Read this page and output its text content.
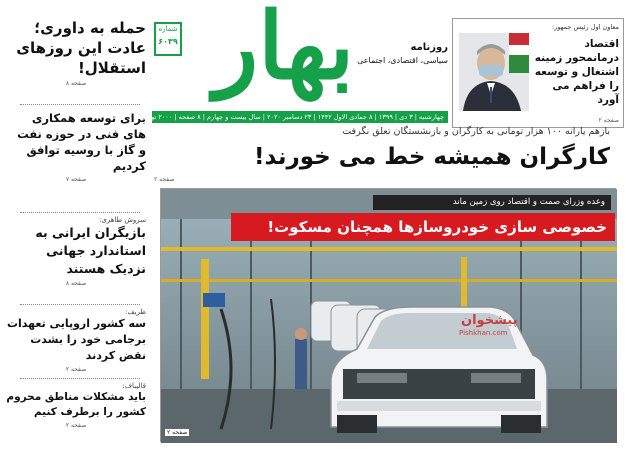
حمله به داوری؛ عادت این روزهای استقلال!
صفحه ۸
برای توسعه همکاری های فنی در حوزه نفت و گاز با روسیه توافق کردیم
صفحه ۷
سروش طاهری:
بازیگران ایرانی به استاندارد جهانی نزدیک هستند
صفحه ۸
ظریف:
سه کشور اروپایی تعهدات برجامی خود را بشدت نقض کردند
صفحه ۲
قالیباف:
باید مشکلات مناطق محروم کشور را برطرف کنیم
صفحه ۲
بهار	روزنامه
سیاسی، اقتصادی، اجتماعی
شماره
۶۰۳۹
چهارشنبه | ۳ دی | ۱۳۹۹ | ۸ جمادی الاول ۱۴۴۲ | ۲۳ دسامبر ۲۰۲۰ | سال بیست و چهارم | ۸ صفحه | ۲۰۰۰ تومان
معاون اول رئیس جمهور:
اقتصاد درمانمحور زمینه اشتغال و توسعه را فراهم می آورد
صفحه ۲
بازهم یارانه ۱۰۰ هزار تومانی به کارگران و بازنشستگان تعلق نگرفت
کارگران همیشه خط می خورند!
صفحه ۲
وعده وزرای صمت و اقتصاد روی زمین ماند
خصوصی سازی خودروسازها همچنان مسکوت!
پیشخوان
Pishkhan.com
صفحه ۲
